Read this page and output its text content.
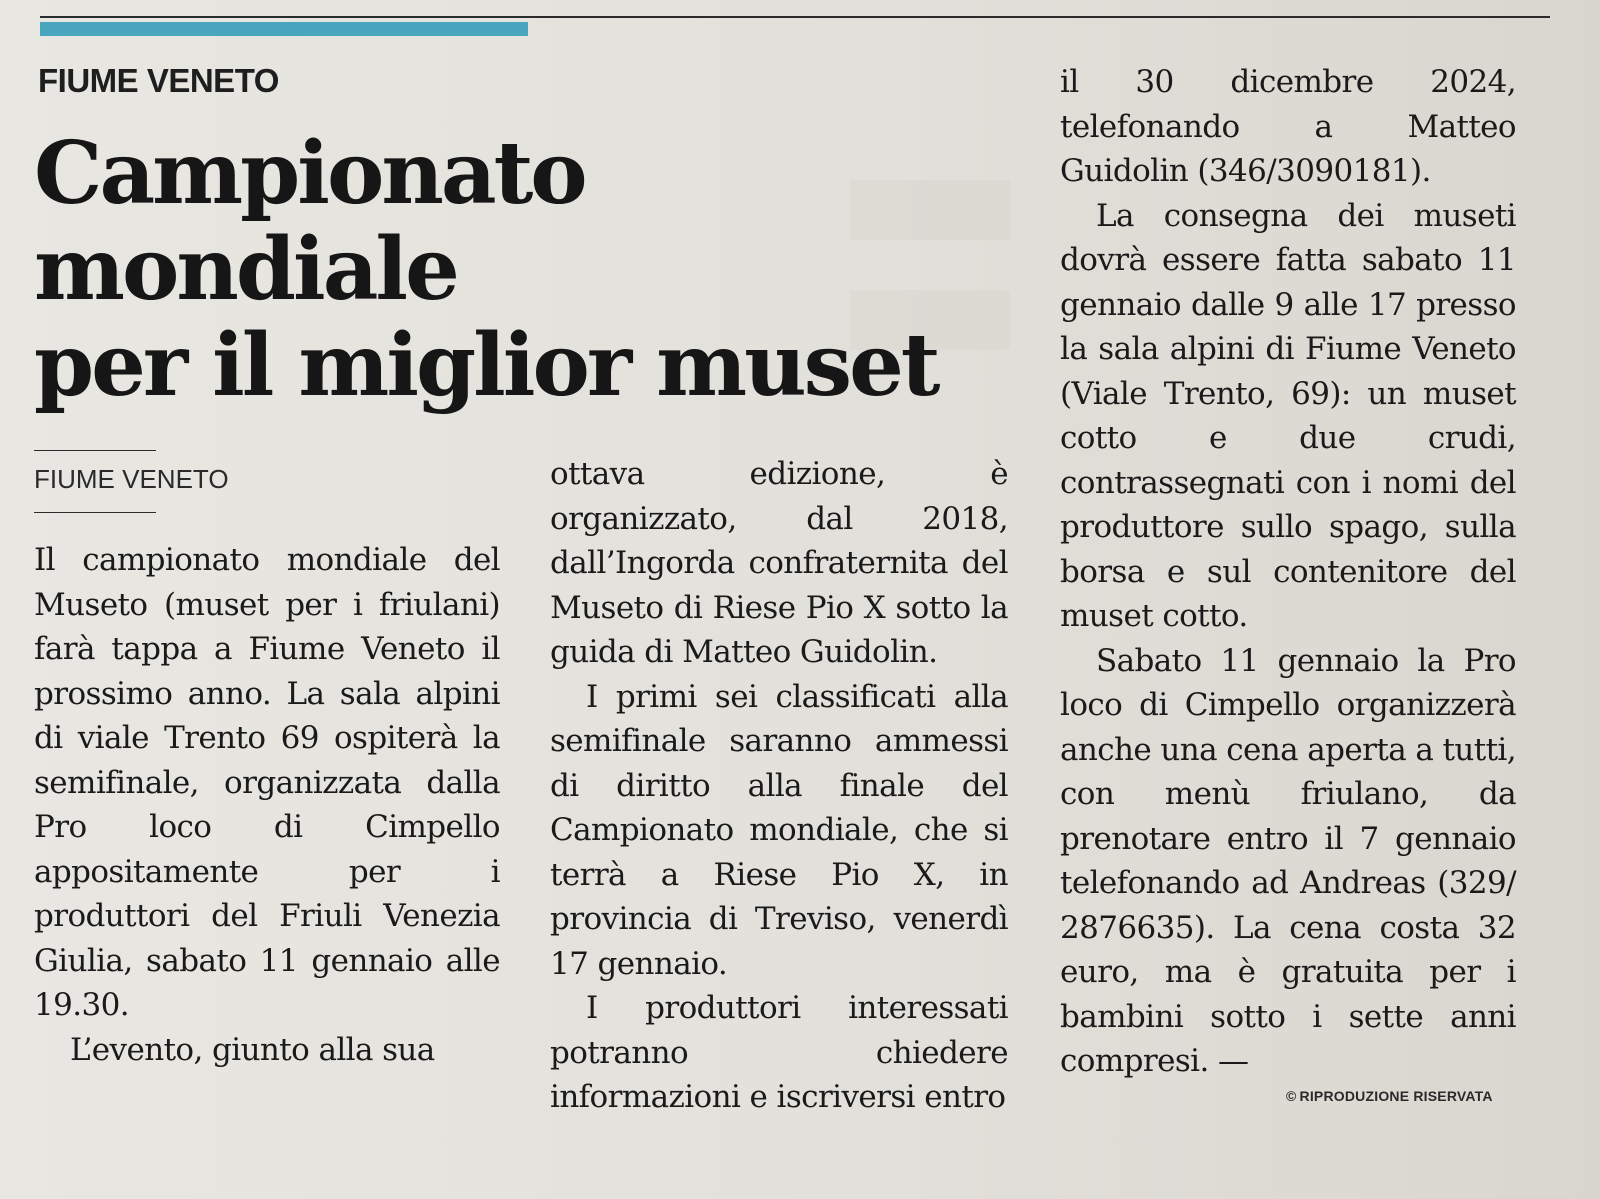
FIUME VENETO
Campionato mondiale
per il miglior muset
FIUME VENETO

Il campionato mondiale del Museto (muset per i friulani) farà tappa a Fiume Veneto il prossimo anno. La sala alpini di viale Trento 69 ospiterà la semifinale, organizzata dalla Pro loco di Cimpello appositamente per i produttori del Friuli Venezia Giulia, sabato 11 gennaio alle 19.30.

L’evento, giunto alla sua

ottava edizione, è organizzato, dal 2018, dall’Ingorda confraternita del Museto di Riese Pio X sotto la guida di Matteo Guidolin.

I primi sei classificati alla semifinale saranno ammessi di diritto alla finale del Campionato mondiale, che si terrà a Riese Pio X, in provincia di Treviso, venerdì 17 gennaio.

I produttori interessati potranno chiedere informazioni e iscriversi entro

il 30 dicembre 2024, telefonando a Matteo Guidolin (346/3090181).

La consegna dei museti dovrà essere fatta sabato 11 gennaio dalle 9 alle 17 presso la sala alpini di Fiume Veneto (Viale Trento, 69): un muset cotto e due crudi, contrassegnati con i nomi del produttore sullo spago, sulla borsa e sul contenitore del muset cotto.

Sabato 11 gennaio la Pro loco di Cimpello organizzerà anche una cena aperta a tutti, con menù friulano, da prenotare entro il 7 gennaio telefonando ad Andreas (329/ 2876635). La cena costa 32 euro, ma è gratuita per i bambini sotto i sette anni compresi. —

© RIPRODUZIONE RISERVATA
